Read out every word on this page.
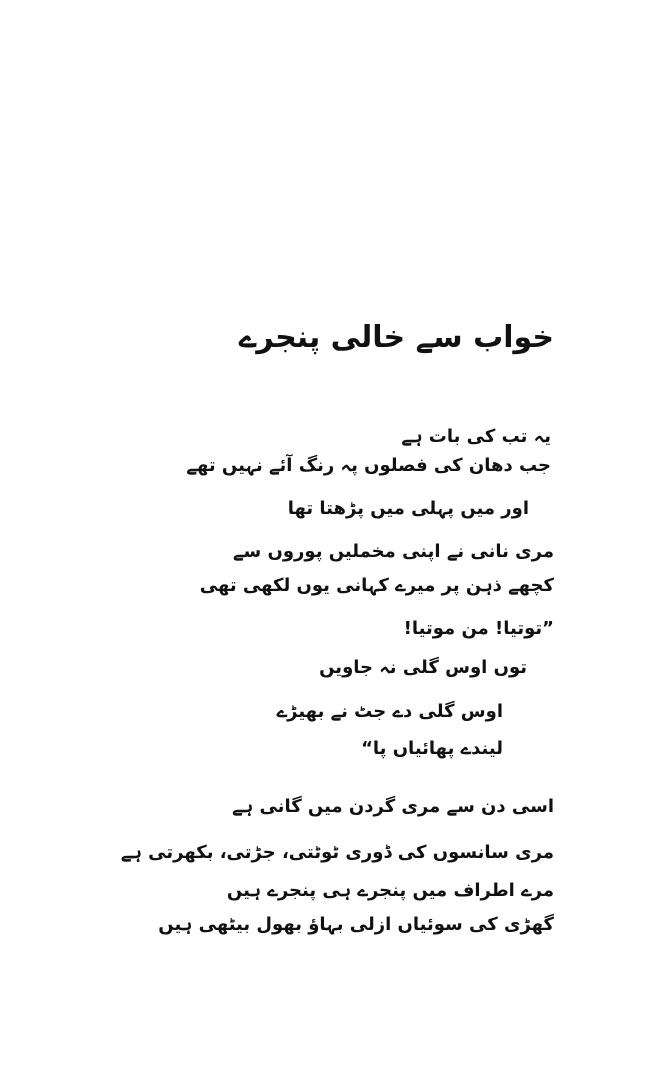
خواب سے خالی پنجرے

یہ تب کی بات ہے

جب دھان کی فصلوں پہ رنگ آئے نہیں تھے

اور میں پہلی میں پڑھتا تھا

مری نانی نے اپنی مخملیں پوروں سے

کچھے ذہن پر میرے کہانی یوں لکھی تھی

”توتیا! من موتیا!

توں اوس گلی نہ جاویں

اوس گلی دے جٹ نے بھیڑے

لیندے پھائیاں پا“

اسی دن سے مری گردن میں گانی ہے

مری سانسوں کی ڈوری ٹوٹتی، جڑتی، بکھرتی ہے

مرے اطراف میں پنجرے ہی پنجرے ہیں

گھڑی کی سوئیاں ازلی بہاؤ بھول بیٹھی ہیں
